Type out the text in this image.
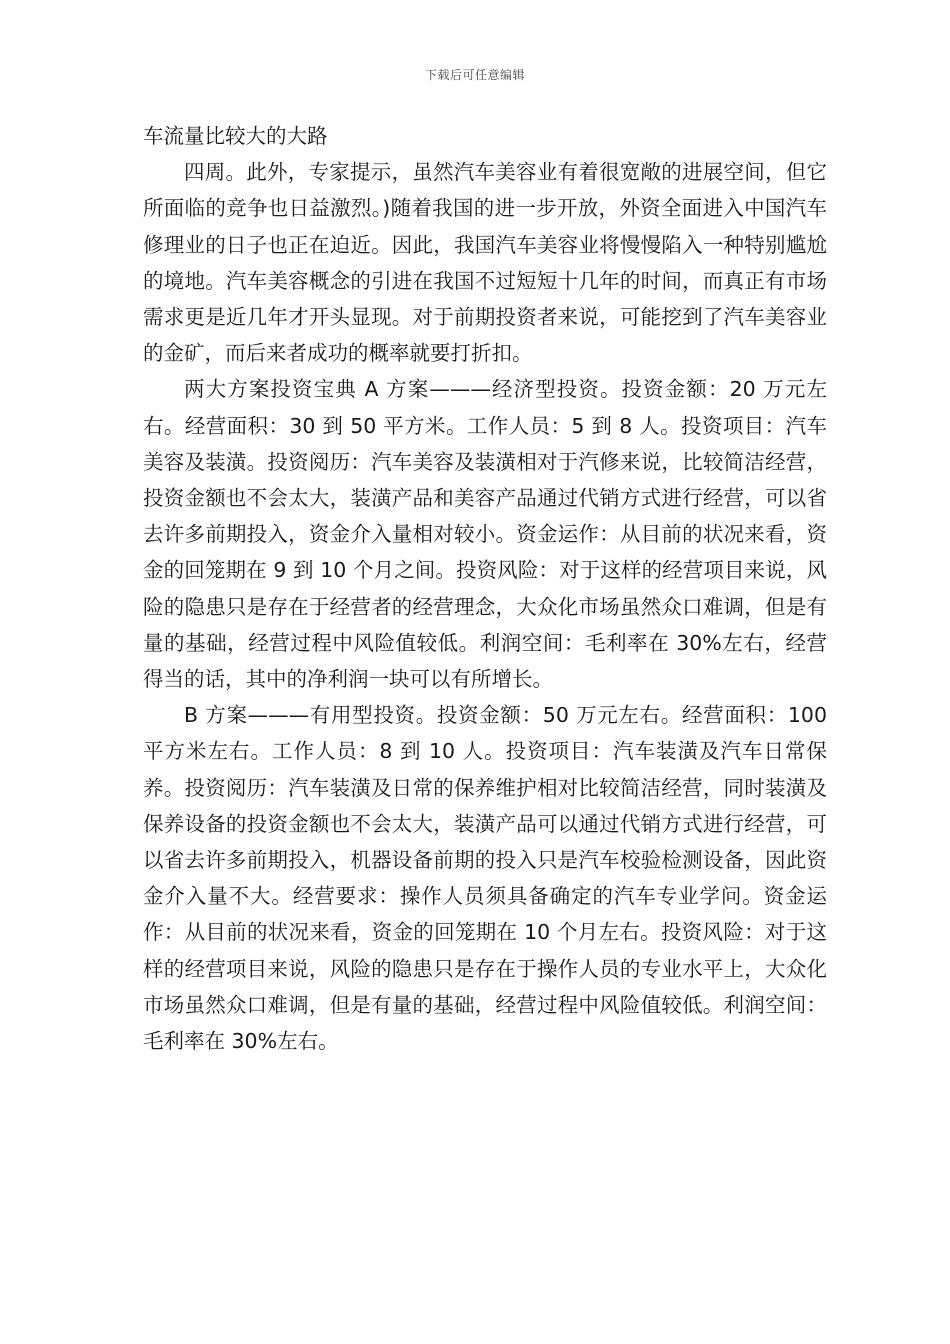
下载后可任意编辑

车流量比较大的大路

四周。此外，专家提示，虽然汽车美容业有着很宽敞的进展空间，但它所面临的竞争也日益激烈。)随着我国的进一步开放，外资全面进入中国汽车修理业的日子也正在迫近。因此，我国汽车美容业将慢慢陷入一种特别尴尬的境地。汽车美容概念的引进在我国不过短短十几年的时间，而真正有市场需求更是近几年才开头显现。对于前期投资者来说，可能挖到了汽车美容业的金矿，而后来者成功的概率就要打折扣。

两大方案投资宝典 A 方案———经济型投资。投资金额：20 万元左右。经营面积：30 到 50 平方米。工作人员：5 到 8 人。投资项目：汽车美容及装潢。投资阅历：汽车美容及装潢相对于汽修来说，比较简洁经营，投资金额也不会太大，装潢产品和美容产品通过代销方式进行经营，可以省去许多前期投入，资金介入量相对较小。资金运作：从目前的状况来看，资金的回笼期在 9 到 10 个月之间。投资风险：对于这样的经营项目来说，风险的隐患只是存在于经营者的经营理念，大众化市场虽然众口难调，但是有量的基础，经营过程中风险值较低。利润空间：毛利率在 30%左右，经营得当的话，其中的净利润一块可以有所增长。

B 方案———有用型投资。投资金额：50 万元左右。经营面积：100 平方米左右。工作人员：8 到 10 人。投资项目：汽车装潢及汽车日常保养。投资阅历：汽车装潢及日常的保养维护相对比较简洁经营，同时装潢及保养设备的投资金额也不会太大，装潢产品可以通过代销方式进行经营，可以省去许多前期投入，机器设备前期的投入只是汽车校验检测设备，因此资金介入量不大。经营要求：操作人员须具备确定的汽车专业学问。资金运作：从目前的状况来看，资金的回笼期在 10 个月左右。投资风险：对于这样的经营项目来说，风险的隐患只是存在于操作人员的专业水平上，大众化市场虽然众口难调，但是有量的基础，经营过程中风险值较低。利润空间：毛利率在 30%左右。
